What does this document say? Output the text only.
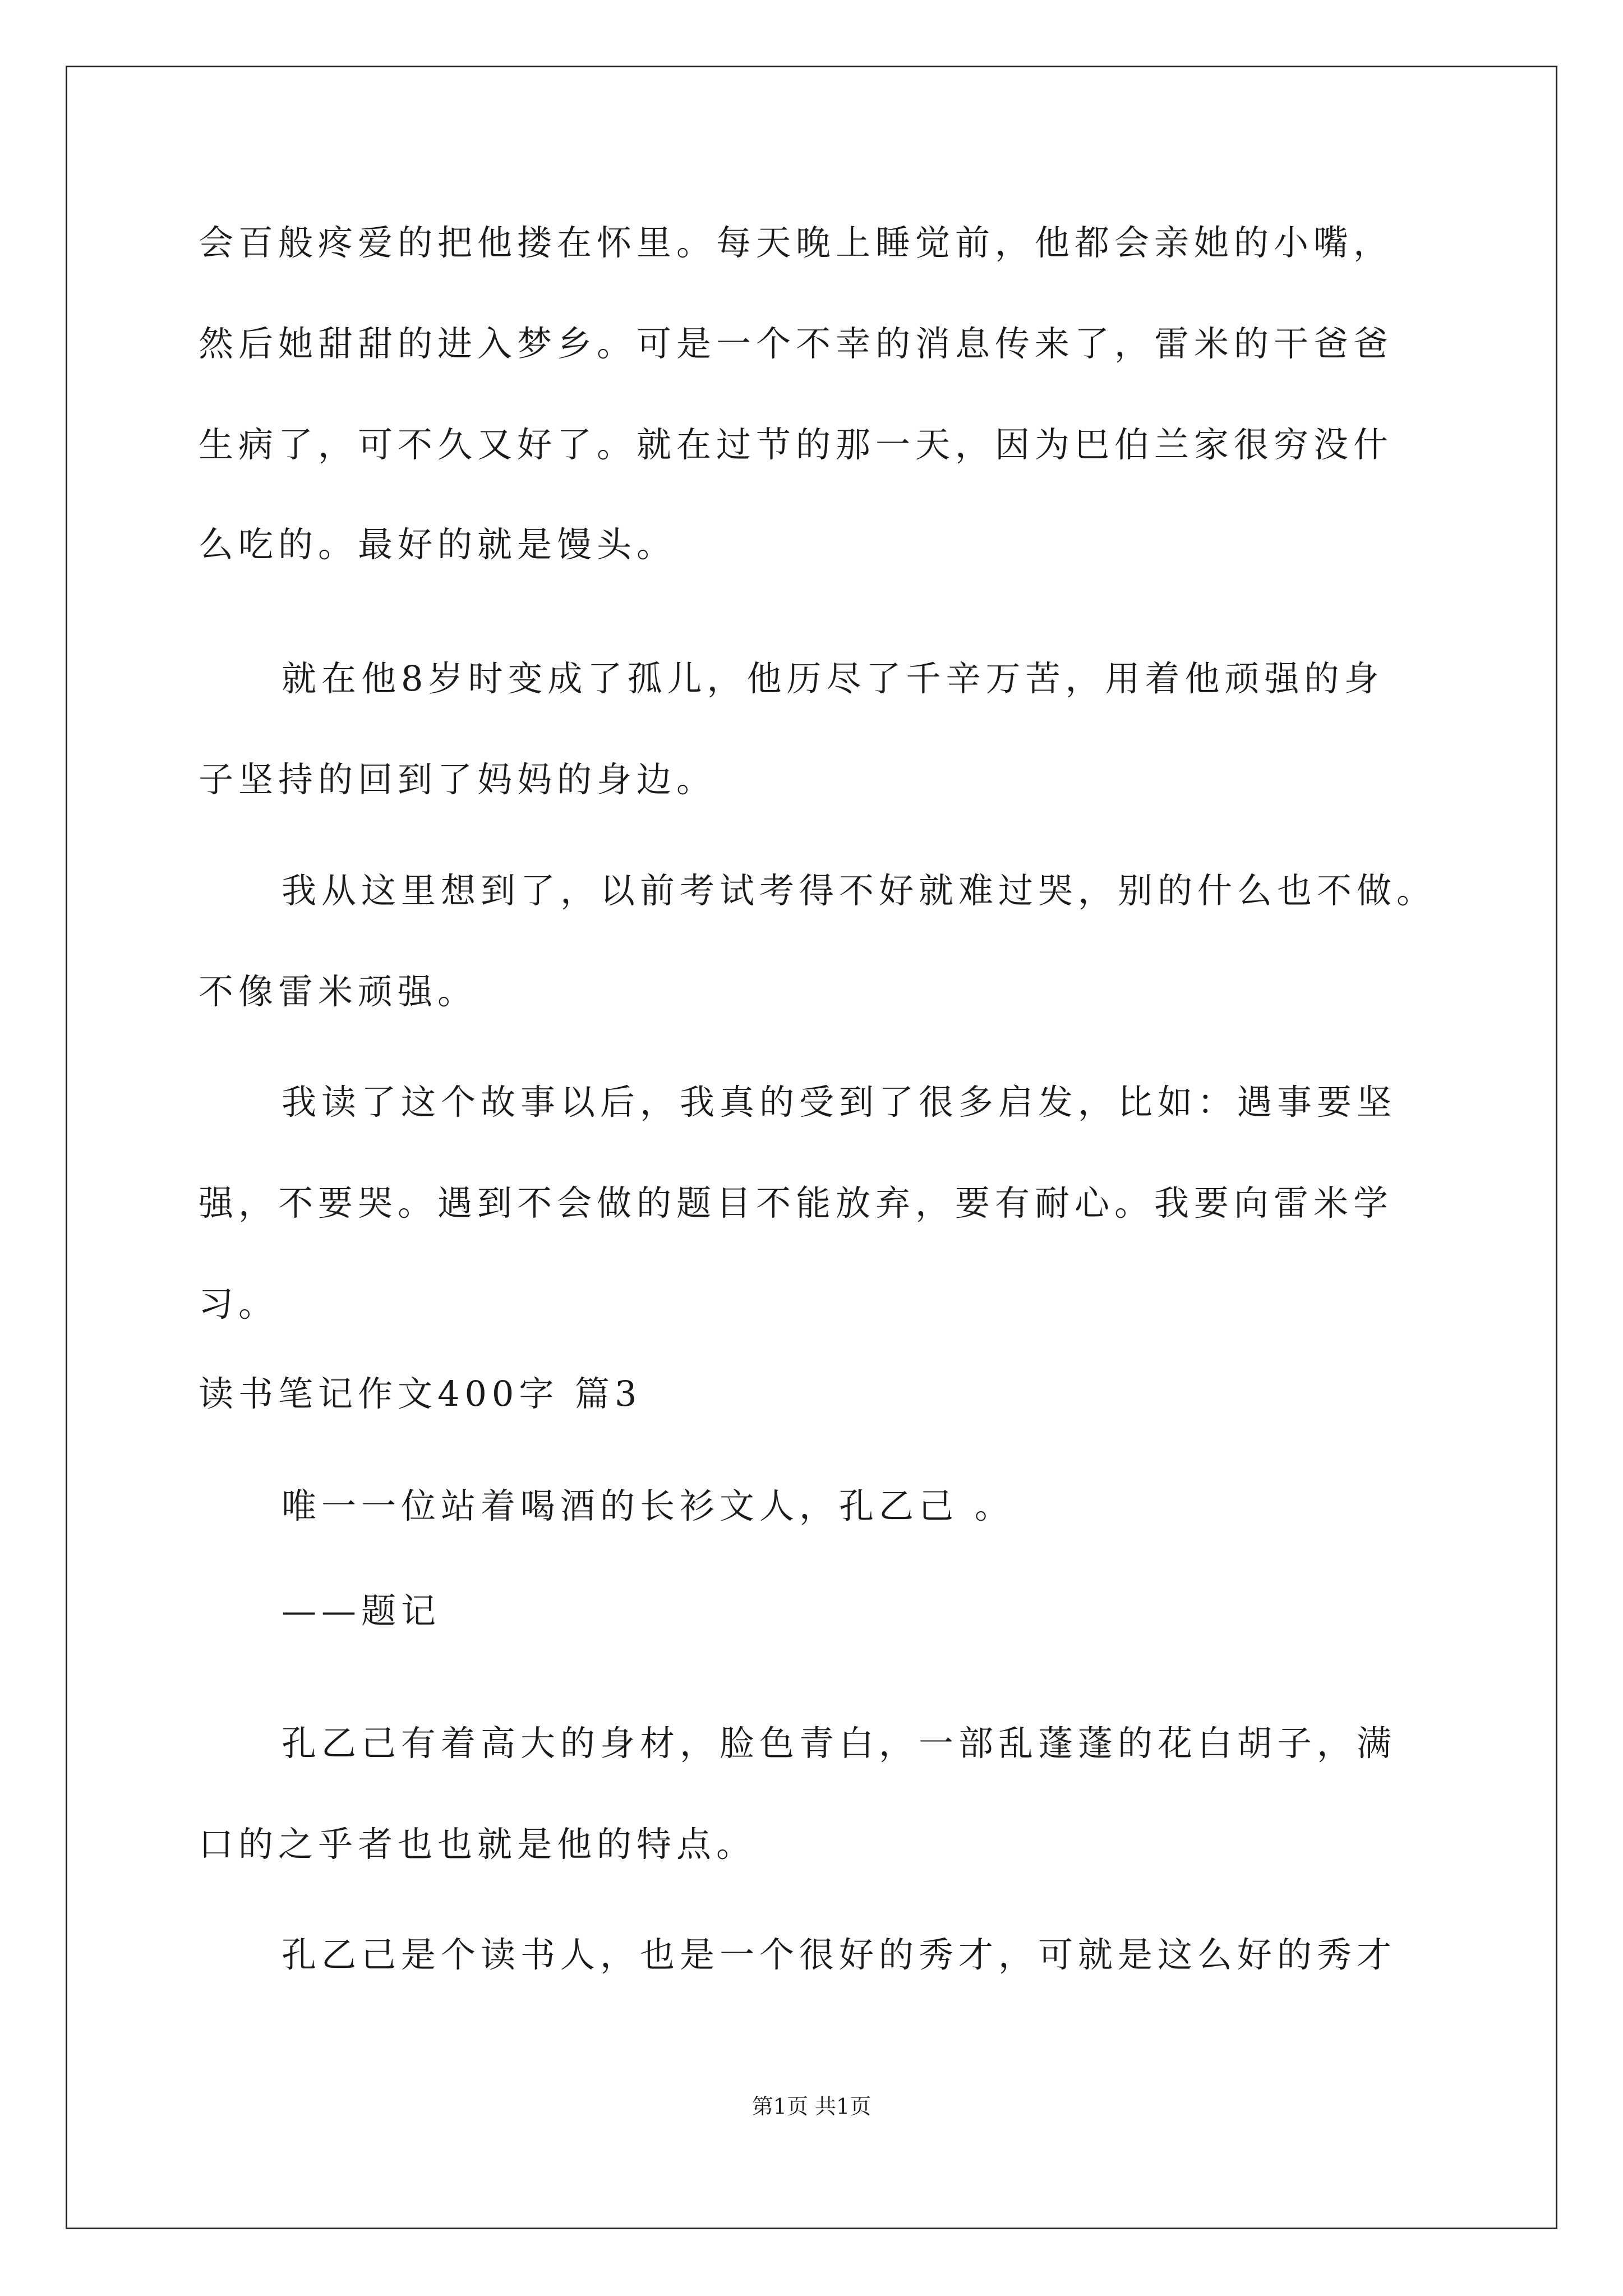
会百般疼爱的把他搂在怀里。每天晚上睡觉前，他都会亲她的小嘴，
然后她甜甜的进入梦乡。可是一个不幸的消息传来了，雷米的干爸爸
生病了，可不久又好了。就在过节的那一天，因为巴伯兰家很穷没什
么吃的。最好的就是馒头。
就在他8岁时变成了孤儿，他历尽了千辛万苦，用着他顽强的身
子坚持的回到了妈妈的身边。
我从这里想到了，以前考试考得不好就难过哭，别的什么也不做。
不像雷米顽强。
我读了这个故事以后，我真的受到了很多启发，比如：遇事要坚
强，不要哭。遇到不会做的题目不能放弃，要有耐心。我要向雷米学
习。
读书笔记作文400字 篇3
唯一一位站着喝酒的长衫文人，孔乙己 。
——题记
孔乙己有着高大的身材，脸色青白，一部乱蓬蓬的花白胡子，满
口的之乎者也也就是他的特点。
孔乙己是个读书人，也是一个很好的秀才，可就是这么好的秀才
第1页 共1页
